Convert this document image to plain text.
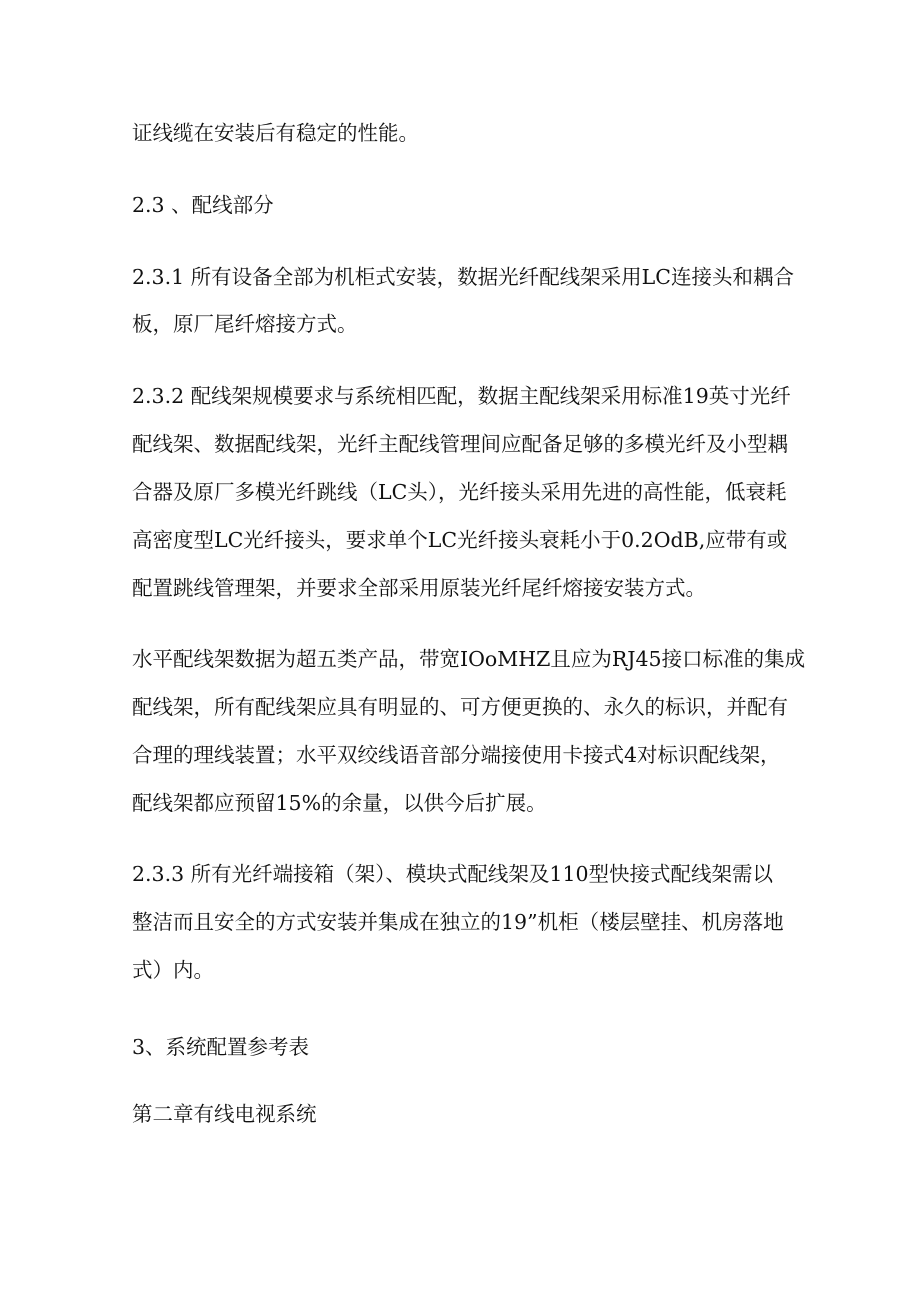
证线缆在安装后有稳定的性能。

2.3 、配线部分

2.3.1 所有设备全部为机柜式安装，数据光纤配线架采用LC连接头和耦合

板，原厂尾纤熔接方式。

2.3.2 配线架规模要求与系统相匹配，数据主配线架采用标准19英寸光纤

配线架、数据配线架，光纤主配线管理间应配备足够的多模光纤及小型耦

合器及原厂多模光纤跳线（LC头），光纤接头采用先进的高性能，低衰耗

高密度型LC光纤接头，要求单个LC光纤接头衰耗小于0.2OdB,应带有或

配置跳线管理架，并要求全部采用原装光纤尾纤熔接安装方式。

水平配线架数据为超五类产品，带宽IOoMHZ且应为RJ45接口标准的集成

配线架，所有配线架应具有明显的、可方便更换的、永久的标识，并配有

合理的理线装置；水平双绞线语音部分端接使用卡接式4对标识配线架，

配线架都应预留15%的余量，以供今后扩展。

2.3.3 所有光纤端接箱（架）、模块式配线架及110型快接式配线架需以

整洁而且安全的方式安装并集成在独立的19”机柜（楼层壁挂、机房落地

式）内。

3、系统配置参考表

第二章有线电视系统
